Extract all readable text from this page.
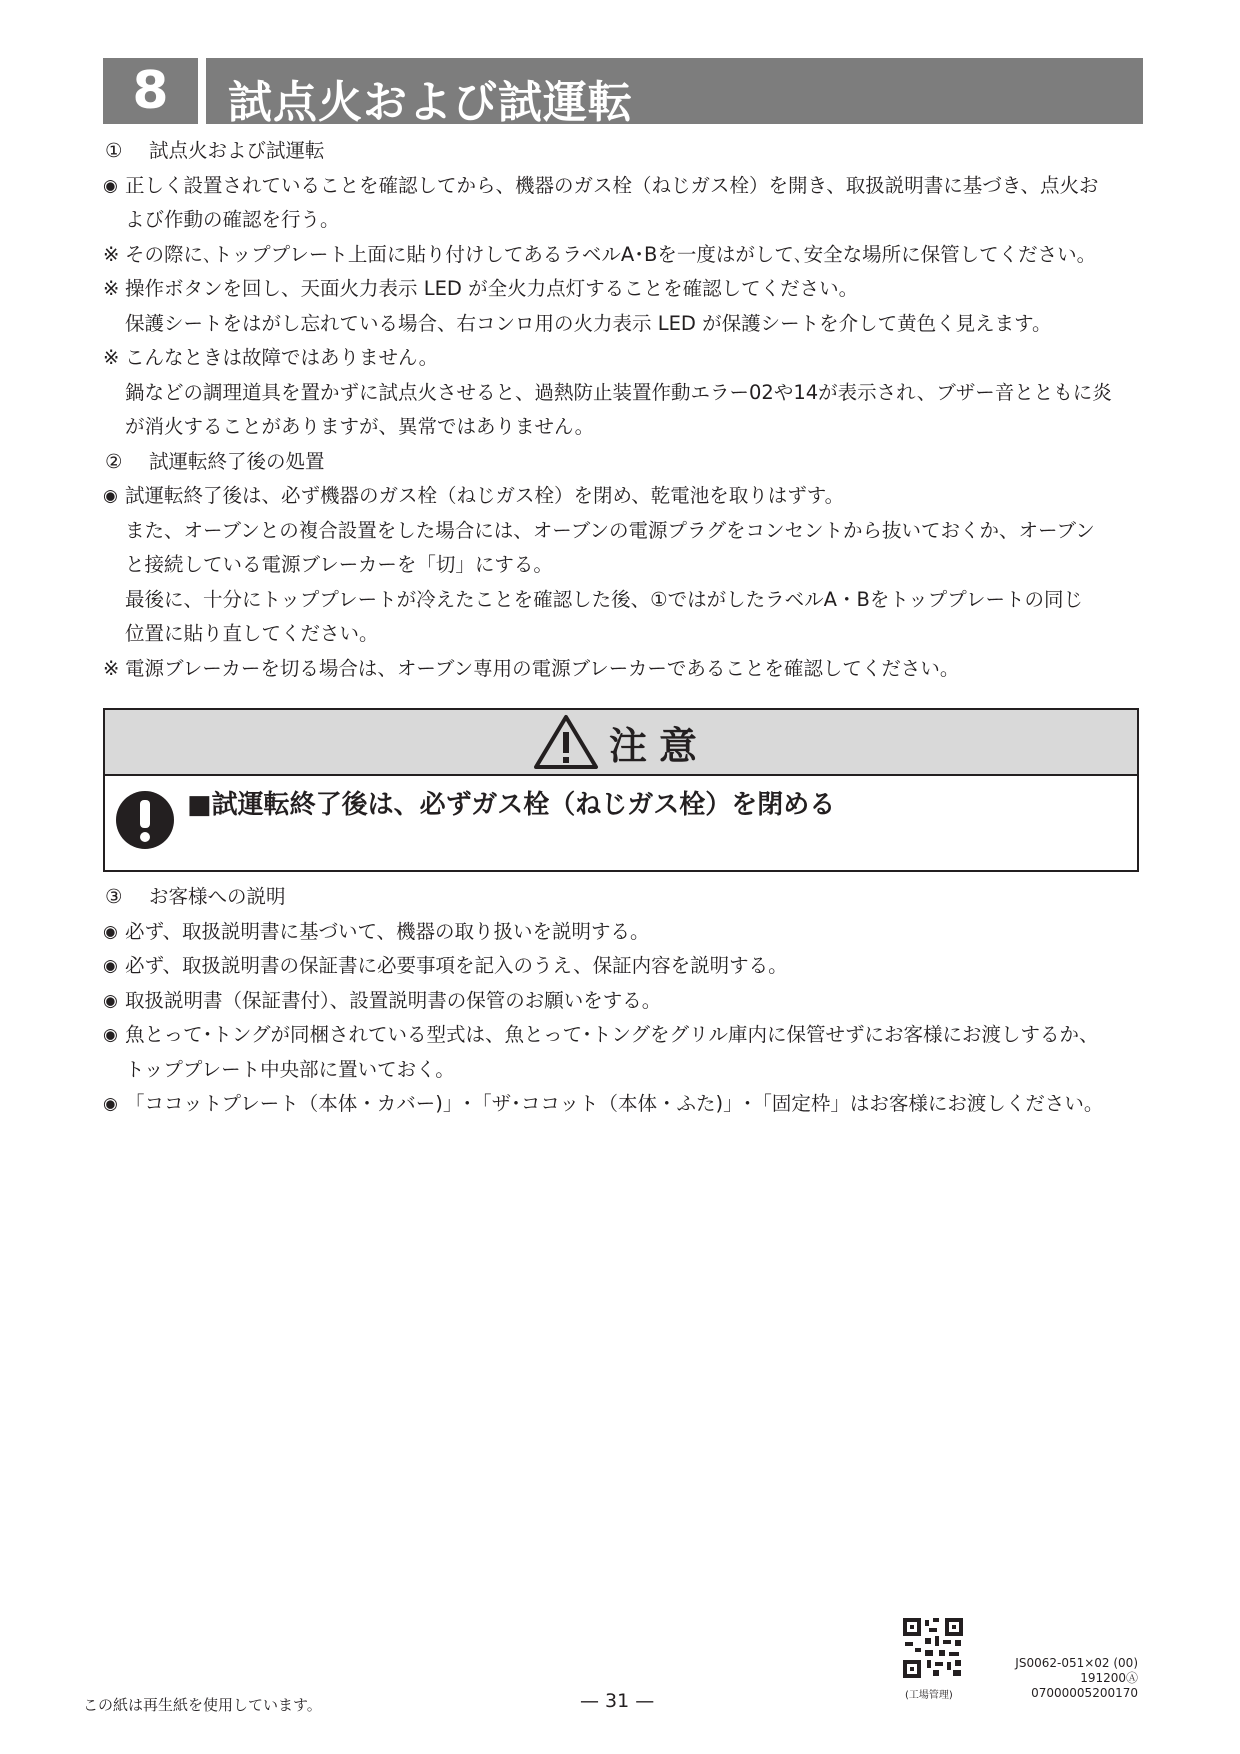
8 試点火および試運転
①	試点火および試運転
◉ 正しく設置されていることを確認してから、機器のガス栓（ねじガス栓）を開き、取扱説明書に基づき、点火お
よび作動の確認を行う。
※ その際に､トッププレート上面に貼り付けしてあるラベルA･Bを一度はがして､安全な場所に保管してください。
※ 操作ボタンを回し、天面火力表示 LED が全火力点灯することを確認してください。
保護シートをはがし忘れている場合、右コンロ用の火力表示 LED が保護シートを介して黄色く見えます。
※ こんなときは故障ではありません。
鍋などの調理道具を置かずに試点火させると、過熱防止装置作動エラー02や14が表示され、ブザー音とともに炎
が消火することがありますが、異常ではありません。
②	試運転終了後の処置
◉ 試運転終了後は、必ず機器のガス栓（ねじガス栓）を閉め、乾電池を取りはずす。
また、オーブンとの複合設置をした場合には、オーブンの電源プラグをコンセントから抜いておくか、オーブン
と接続している電源ブレーカーを「切」にする。
最後に、十分にトッププレートが冷えたことを確認した後、①ではがしたラベルA・Bをトッププレートの同じ
位置に貼り直してください。
※ 電源ブレーカーを切る場合は、オーブン専用の電源ブレーカーであることを確認してください。
注意
■試運転終了後は、必ずガス栓（ねじガス栓）を閉める
③	お客様への説明
◉ 必ず、取扱説明書に基づいて、機器の取り扱いを説明する。
◉ 必ず、取扱説明書の保証書に必要事項を記入のうえ、保証内容を説明する。
◉ 取扱説明書（保証書付）、設置説明書の保管のお願いをする。
◉ 魚とって･トングが同梱されている型式は、魚とって･トングをグリル庫内に保管せずにお客様にお渡しするか、
トッププレート中央部に置いておく。
◉ 「ココットプレート（本体・カバー)」･「ザ･ココット（本体・ふた)」･「固定枠」はお客様にお渡しください。
この紙は再生紙を使用しています。	— 31 —	(工場管理)
JS0062-051×02 (00)
191200Ⓐ
07000005200170
